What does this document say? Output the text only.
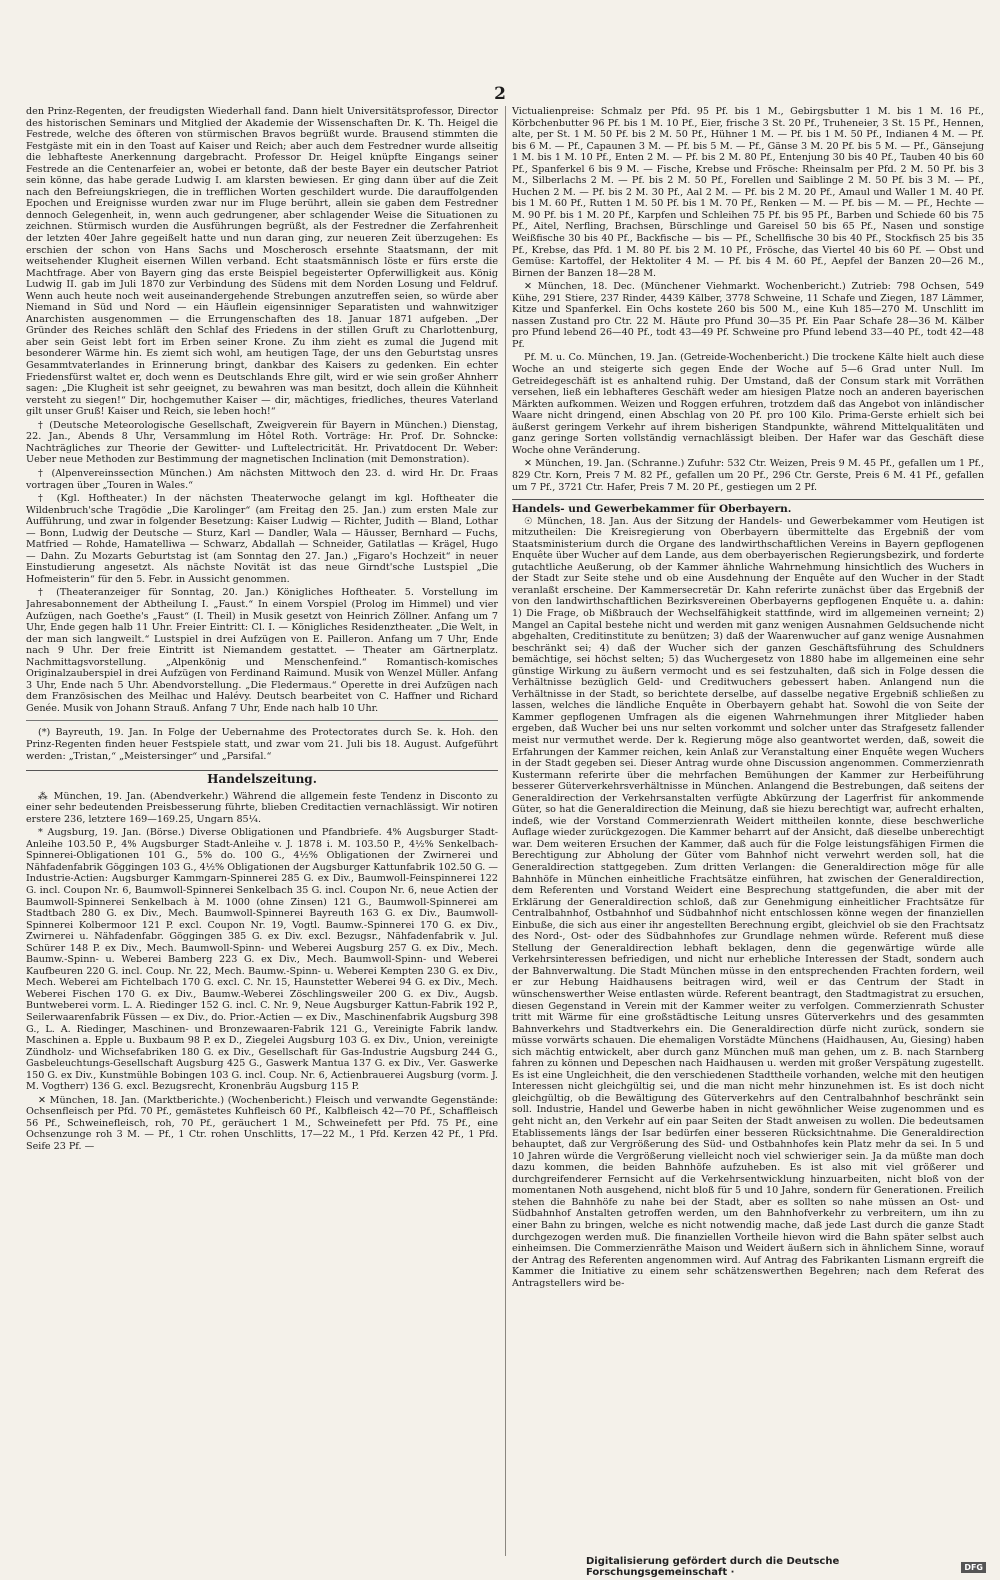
2

den Prinz-Regenten, der freudigsten Wiederhall fand. Dann hielt Universitätsprofessor, Director des historischen Seminars und Mitglied der Akademie der Wissenschaften Dr. K. Th. Heigel die Festrede, welche des öfteren von stürmischen Bravos begrüßt wurde. Brausend stimmten die Festgäste mit ein in den Toast auf Kaiser und Reich; aber auch dem Festredner wurde allseitig die lebhafteste Anerkennung dargebracht. Professor Dr. Heigel knüpfte Eingangs seiner Festrede an die Centenarfeier an, wobei er betonte, daß der beste Bayer ein deutscher Patriot sein könne, das habe gerade Ludwig I. am klarsten bewiesen. Er ging dann über auf die Zeit nach den Befreiungskriegen, die in trefflichen Worten geschildert wurde. Die darauffolgenden Epochen und Ereignisse wurden zwar nur im Fluge berührt, allein sie gaben dem Festredner dennoch Gelegenheit, in, wenn auch gedrungener, aber schlagender Weise die Situationen zu zeichnen. Stürmisch wurden die Ausführungen begrüßt, als der Festredner die Zerfahrenheit der letzten 40er Jahre gegeißelt hatte und nun daran ging, zur neueren Zeit überzugehen: Es erschien der schon von Hans Sachs und Moscherosch ersehnte Staatsmann, der mit weitsehender Klugheit eisernen Willen verband. Echt staatsmännisch löste er fürs erste die Machtfrage. Aber von Bayern ging das erste Beispiel begeisterter Opferwilligkeit aus. König Ludwig II. gab im Juli 1870 zur Verbindung des Südens mit dem Norden Losung und Feldruf. Wenn auch heute noch weit auseinandergehende Strebungen anzutreffen seien, so würde aber Niemand in Süd und Nord — ein Häuflein eigensinniger Separatisten und wahnwitziger Anarchisten ausgenommen — die Errungenschaften des 18. Januar 1871 aufgeben. „Der Gründer des Reiches schläft den Schlaf des Friedens in der stillen Gruft zu Charlottenburg, aber sein Geist lebt fort im Erben seiner Krone. Zu ihm zieht es zumal die Jugend mit besonderer Wärme hin. Es ziemt sich wohl, am heutigen Tage, der uns den Geburtstag unsres Gesammtvaterlandes in Erinnerung bringt, dankbar des Kaisers zu gedenken. Ein echter Friedensfürst waltet er, doch wenn es Deutschlands Ehre gilt, wird er wie sein großer Ahnherr sagen: „Die Klugheit ist sehr geeignet, zu bewahren was man besitzt, doch allein die Kühnheit versteht zu siegen!“ Dir, hochgemuther Kaiser — dir, mächtiges, friedliches, theures Vaterland gilt unser Gruß! Kaiser und Reich, sie leben hoch!“

† (Deutsche Meteorologische Gesellschaft, Zweigverein für Bayern in München.) Dienstag, 22. Jan., Abends 8 Uhr, Versammlung im Hôtel Roth. Vorträge: Hr. Prof. Dr. Sohncke: Nachträgliches zur Theorie der Gewitter- und Luftelectricität. Hr. Privatdocent Dr. Weber: Ueber neue Methoden zur Bestimmung der magnetischen Inclination (mit Demonstration).

† (Alpenvereinssection München.) Am nächsten Mittwoch den 23. d. wird Hr. Dr. Fraas vortragen über „Touren in Wales.“

† (Kgl. Hoftheater.) In der nächsten Theaterwoche gelangt im kgl. Hoftheater die Wildenbruch'sche Tragödie „Die Karolinger“ (am Freitag den 25. Jan.) zum ersten Male zur Aufführung, und zwar in folgender Besetzung: Kaiser Ludwig — Richter, Judith — Bland, Lothar — Bonn, Ludwig der Deutsche — Sturz, Karl — Dandler, Wala — Häusser, Bernhard — Fuchs, Matfried — Rohde, Hamatelliwa — Schwarz, Abdallah — Schneider, Gatilatlas — Krägel, Hugo — Dahn. Zu Mozarts Geburtstag ist (am Sonntag den 27. Jan.) „Figaro's Hochzeit“ in neuer Einstudierung angesetzt. Als nächste Novität ist das neue Girndt'sche Lustspiel „Die Hofmeisterin“ für den 5. Febr. in Aussicht genommen.

† (Theateranzeiger für Sonntag, 20. Jan.) Königliches Hoftheater. 5. Vorstellung im Jahresabonnement der Abtheilung I. „Faust.“ In einem Vorspiel (Prolog im Himmel) und vier Aufzügen, nach Goethe's „Faust“ (I. Theil) in Musik gesetzt von Heinrich Zöllner. Anfang um 7 Uhr, Ende gegen halb 11 Uhr. Freier Eintritt: Cl. I. — Königliches Residenztheater. „Die Welt, in der man sich langweilt.“ Lustspiel in drei Aufzügen von E. Pailleron. Anfang um 7 Uhr, Ende nach 9 Uhr. Der freie Eintritt ist Niemandem gestattet. — Theater am Gärtnerplatz. Nachmittagsvorstellung. „Alpenkönig und Menschenfeind.“ Romantisch-komisches Originalzauberspiel in drei Aufzügen von Ferdinand Raimund. Musik von Wenzel Müller. Anfang 3 Uhr, Ende nach 5 Uhr. Abendvorstellung. „Die Fledermaus.“ Operette in drei Aufzügen nach dem Französischen des Meilhac und Halévy. Deutsch bearbeitet von C. Haffner und Richard Genée. Musik von Johann Strauß. Anfang 7 Uhr, Ende nach halb 10 Uhr.

(*) Bayreuth, 19. Jan. In Folge der Uebernahme des Protectorates durch Se. k. Hoh. den Prinz-Regenten finden heuer Festspiele statt, und zwar vom 21. Juli bis 18. August. Aufgeführt werden: „Tristan,“ „Meistersinger“ und „Parsifal.“

Handelszeitung.

⁂ München, 19. Jan. (Abendverkehr.) Während die allgemein feste Tendenz in Disconto zu einer sehr bedeutenden Preisbesserung führte, blieben Creditactien vernachlässigt. Wir notiren erstere 236, letztere 169—169.25, Ungarn 85¼.

* Augsburg, 19. Jan. (Börse.) Diverse Obligationen und Pfandbriefe. 4% Augsburger Stadt-Anleihe 103.50 P., 4% Augsburger Stadt-Anleihe v. J. 1878 i. M. 103.50 P., 4½% Senkelbach-Spinnerei-Obligationen 101 G., 5% do. 100 G., 4½% Obligationen der Zwirnerei und Nähfadenfabrik Göggingen 103 G., 4½% Obligationen der Augsburger Kattunfabrik 102.50 G. — Industrie-Actien: Augsburger Kammgarn-Spinnerei 285 G. ex Div., Baumwoll-Feinspinnerei 122 G. incl. Coupon Nr. 6, Baumwoll-Spinnerei Senkelbach 35 G. incl. Coupon Nr. 6, neue Actien der Baumwoll-Spinnerei Senkelbach à M. 1000 (ohne Zinsen) 121 G., Baumwoll-Spinnerei am Stadtbach 280 G. ex Div., Mech. Baumwoll-Spinnerei Bayreuth 163 G. ex Div., Baumwoll-Spinnerei Kolbermoor 121 P. excl. Coupon Nr. 19, Vogtl. Baumw.-Spinnerei 170 G. ex Div., Zwirnerei u. Nähfadenfabr. Göggingen 385 G. ex Div. excl. Bezugsr., Nähfadenfabrik v. Jul. Schürer 148 P. ex Div., Mech. Baumwoll-Spinn- und Weberei Augsburg 257 G. ex Div., Mech. Baumw.-Spinn- u. Weberei Bamberg 223 G. ex Div., Mech. Baumwoll-Spinn- und Weberei Kaufbeuren 220 G. incl. Coup. Nr. 22, Mech. Baumw.-Spinn- u. Weberei Kempten 230 G. ex Div., Mech. Weberei am Fichtelbach 170 G. excl. C. Nr. 15, Haunstetter Weberei 94 G. ex Div., Mech. Weberei Fischen 170 G. ex Div., Baumw.-Weberei Zöschlingsweiler 200 G. ex Div., Augsb. Buntweberei vorm. L. A. Riedinger 152 G. incl. C. Nr. 9, Neue Augsburger Kattun-Fabrik 192 P., Seilerwaarenfabrik Füssen — ex Div., do. Prior.-Actien — ex Div., Maschinenfabrik Augsburg 398 G., L. A. Riedinger, Maschinen- und Bronzewaaren-Fabrik 121 G., Vereinigte Fabrik landw. Maschinen a. Epple u. Buxbaum 98 P. ex D., Ziegelei Augsburg 103 G. ex Div., Union, vereinigte Zündholz- und Wichsefabriken 180 G. ex Div., Gesellschaft für Gas-Industrie Augsburg 244 G., Gasbeleuchtungs-Gesellschaft Augsburg 425 G., Gaswerk Mantua 137 G. ex Div., Ver. Gaswerke 150 G. ex Div., Kunstmühle Bobingen 103 G. incl. Coup. Nr. 6, Actienbrauerei Augsburg (vorm. J. M. Vogtherr) 136 G. excl. Bezugsrecht, Kronenbräu Augsburg 115 P.

✕ München, 18. Jan. (Marktberichte.) (Wochenbericht.) Fleisch und verwandte Gegenstände: Ochsenfleisch per Pfd. 70 Pf., gemästetes Kuhfleisch 60 Pf., Kalbfleisch 42—70 Pf., Schaffleisch 56 Pf., Schweinefleisch, roh, 70 Pf., geräuchert 1 M., Schweinefett per Pfd. 75 Pf., eine Ochsenzunge roh 3 M. — Pf., 1 Ctr. rohen Unschlitts, 17—22 M., 1 Pfd. Kerzen 42 Pf., 1 Pfd. Seife 23 Pf. —

Victualienpreise: Schmalz per Pfd. 95 Pf. bis 1 M., Gebirgsbutter 1 M. bis 1 M. 16 Pf., Körbchenbutter 96 Pf. bis 1 M. 10 Pf., Eier, frische 3 St. 20 Pf., Truheneier, 3 St. 15 Pf., Hennen, alte, per St. 1 M. 50 Pf. bis 2 M. 50 Pf., Hühner 1 M. — Pf. bis 1 M. 50 Pf., Indianen 4 M. — Pf. bis 6 M. — Pf., Capaunen 3 M. — Pf. bis 5 M. — Pf., Gänse 3 M. 20 Pf. bis 5 M. — Pf., Gänsejung 1 M. bis 1 M. 10 Pf., Enten 2 M. — Pf. bis 2 M. 80 Pf., Entenjung 30 bis 40 Pf., Tauben 40 bis 60 Pf., Spanferkel 6 bis 9 M. — Fische, Krebse und Frösche: Rheinsalm per Pfd. 2 M. 50 Pf. bis 3 M., Silberlachs 2 M. — Pf. bis 2 M. 50 Pf., Forellen und Saiblinge 2 M. 50 Pf. bis 3 M. — Pf., Huchen 2 M. — Pf. bis 2 M. 30 Pf., Aal 2 M. — Pf. bis 2 M. 20 Pf., Amaul und Waller 1 M. 40 Pf. bis 1 M. 60 Pf., Rutten 1 M. 50 Pf. bis 1 M. 70 Pf., Renken — M. — Pf. bis — M. — Pf., Hechte — M. 90 Pf. bis 1 M. 20 Pf., Karpfen und Schleihen 75 Pf. bis 95 Pf., Barben und Schiede 60 bis 75 Pf., Aitel, Nerfling, Brachsen, Bürschlinge und Gareisel 50 bis 65 Pf., Nasen und sonstige Weißfische 30 bis 40 Pf., Backfische — bis — Pf., Schellfische 30 bis 40 Pf., Stockfisch 25 bis 35 Pf., Krebse, das Pfd. 1 M. 80 Pf. bis 2 M. 10 Pf., Frösche, das Viertel 40 bis 60 Pf. — Obst und Gemüse: Kartoffel, der Hektoliter 4 M. — Pf. bis 4 M. 60 Pf., Aepfel der Banzen 20—26 M., Birnen der Banzen 18—28 M.

✕ München, 18. Dec. (Münchener Viehmarkt. Wochenbericht.) Zutrieb: 798 Ochsen, 549 Kühe, 291 Stiere, 237 Rinder, 4439 Kälber, 3778 Schweine, 11 Schafe und Ziegen, 187 Lämmer, Kitze und Spanferkel. Ein Ochs kostete 260 bis 500 M., eine Kuh 185—270 M. Unschlitt im nassen Zustand pro Ctr. 22 M. Häute pro Pfund 30—35 Pf. Ein Paar Schafe 28—36 M. Kälber pro Pfund lebend 26—40 Pf., todt 43—49 Pf. Schweine pro Pfund lebend 33—40 Pf., todt 42—48 Pf.

Pf. M. u. Co. München, 19. Jan. (Getreide-Wochenbericht.) Die trockene Kälte hielt auch diese Woche an und steigerte sich gegen Ende der Woche auf 5—6 Grad unter Null. Im Getreidegeschäft ist es anhaltend ruhig. Der Umstand, daß der Consum stark mit Vorräthen versehen, ließ ein lebhafteres Geschäft weder am hiesigen Platze noch an anderen bayerischen Märkten aufkommen. Weizen und Roggen erfuhren, trotzdem daß das Angebot von inländischer Waare nicht dringend, einen Abschlag von 20 Pf. pro 100 Kilo. Prima-Gerste erhielt sich bei äußerst geringem Verkehr auf ihrem bisherigen Standpunkte, während Mittelqualitäten und ganz geringe Sorten vollständig vernachlässigt bleiben. Der Hafer war das Geschäft diese Woche ohne Veränderung.

✕ München, 19. Jan. (Schranne.) Zufuhr: 532 Ctr. Weizen, Preis 9 M. 45 Pf., gefallen um 1 Pf., 829 Ctr. Korn, Preis 7 M. 82 Pf., gefallen um 20 Pf., 296 Ctr. Gerste, Preis 6 M. 41 Pf., gefallen um 7 Pf., 3721 Ctr. Hafer, Preis 7 M. 20 Pf., gestiegen um 2 Pf.

Handels- und Gewerbekammer für Oberbayern.

☉ München, 18. Jan. Aus der Sitzung der Handels- und Gewerbekammer vom Heutigen ist mitzutheilen: Die Kreisregierung von Oberbayern übermittelte das Ergebniß der vom Staatsministerium durch die Organe des landwirthschaftlichen Vereins in Bayern gepflogenen Enquête über Wucher auf dem Lande, aus dem oberbayerischen Regierungsbezirk, und forderte gutachtliche Aeußerung, ob der Kammer ähnliche Wahrnehmung hinsichtlich des Wuchers in der Stadt zur Seite stehe und ob eine Ausdehnung der Enquête auf den Wucher in der Stadt veranlaßt erscheine. Der Kammersecretär Dr. Kahn referirte zunächst über das Ergebniß der von den landwirthschaftlichen Bezirksvereinen Oberbayerns gepflogenen Enquête u. a. dahin: 1) Die Frage, ob Mißbrauch der Wechselfähigkeit stattfinde, wird im allgemeinen verneint; 2) Mangel an Capital bestehe nicht und werden mit ganz wenigen Ausnahmen Geldsuchende nicht abgehalten, Creditinstitute zu benützen; 3) daß der Waarenwucher auf ganz wenige Ausnahmen beschränkt sei; 4) daß der Wucher sich der ganzen Geschäftsführung des Schuldners bemächtige, sei höchst selten; 5) das Wuchergesetz von 1880 habe im allgemeinen eine sehr günstige Wirkung zu äußern vermocht und es sei festzuhalten, daß sich in Folge dessen die Verhältnisse bezüglich Geld- und Creditwuchers gebessert haben. Anlangend nun die Verhältnisse in der Stadt, so berichtete derselbe, auf dasselbe negative Ergebniß schließen zu lassen, welches die ländliche Enquête in Oberbayern gehabt hat. Sowohl die von Seite der Kammer gepflogenen Umfragen als die eigenen Wahrnehmungen ihrer Mitglieder haben ergeben, daß Wucher bei uns nur selten vorkommt und solcher unter das Strafgesetz fallender meist nur vermuthet werde. Der k. Regierung möge also geantwortet werden, daß, soweit die Erfahrungen der Kammer reichen, kein Anlaß zur Veranstaltung einer Enquête wegen Wuchers in der Stadt gegeben sei. Dieser Antrag wurde ohne Discussion angenommen. Commerzienrath Kustermann referirte über die mehrfachen Bemühungen der Kammer zur Herbeiführung besserer Güterverkehrsverhältnisse in München. Anlangend die Bestrebungen, daß seitens der Generaldirection der Verkehrsanstalten verfügte Abkürzung der Lagerfrist für ankommende Güter, so hat die Generaldirection die Meinung, daß sie hiezu berechtigt war, aufrecht erhalten, indeß, wie der Vorstand Commerzienrath Weidert mittheilen konnte, diese beschwerliche Auflage wieder zurückgezogen. Die Kammer beharrt auf der Ansicht, daß dieselbe unberechtigt war. Dem weiteren Ersuchen der Kammer, daß auch für die Folge leistungsfähigen Firmen die Berechtigung zur Abholung der Güter vom Bahnhof nicht verwehrt werden soll, hat die Generaldirection stattgegeben. Zum dritten Verlangen: die Generaldirection möge für alle Bahnhöfe in München einheitliche Frachtsätze einführen, hat zwischen der Generaldirection, dem Referenten und Vorstand Weidert eine Besprechung stattgefunden, die aber mit der Erklärung der Generaldirection schloß, daß zur Genehmigung einheitlicher Frachtsätze für Centralbahnhof, Ostbahnhof und Südbahnhof nicht entschlossen könne wegen der finanziellen Einbuße, die sich aus einer ihr angestellten Berechnung ergibt, gleichviel ob sie den Frachtsatz des Nord-, Ost- oder des Südbahnhofes zur Grundlage nehmen würde. Referent muß diese Stellung der Generaldirection lebhaft beklagen, denn die gegenwärtige würde alle Verkehrsinteressen befriedigen, und nicht nur erhebliche Interessen der Stadt, sondern auch der Bahnverwaltung. Die Stadt München müsse in den entsprechenden Frachten fordern, weil er zur Hebung Haidhausens beitragen wird, weil er das Centrum der Stadt in wünschenswerther Weise entlasten würde. Referent beantragt, den Stadtmagistrat zu ersuchen, diesen Gegenstand in Verein mit der Kammer weiter zu verfolgen. Commerzienrath Schuster tritt mit Wärme für eine großstädtische Leitung unsres Güterverkehrs und des gesammten Bahnverkehrs und Stadtverkehrs ein. Die Generaldirection dürfe nicht zurück, sondern sie müsse vorwärts schauen. Die ehemaligen Vorstädte Münchens (Haidhausen, Au, Giesing) haben sich mächtig entwickelt, aber durch ganz München muß man gehen, um z. B. nach Starnberg fahren zu können und Depeschen nach Haidhausen u. werden mit großer Verspätung zugestellt. Es ist eine Ungleichheit, die den verschiedenen Stadttheile vorhanden, welche mit den heutigen Interessen nicht gleichgültig sei, und die man nicht mehr hinzunehmen ist. Es ist doch nicht gleichgültig, ob die Bewältigung des Güterverkehrs auf den Centralbahnhof beschränkt sein soll. Industrie, Handel und Gewerbe haben in nicht gewöhnlicher Weise zugenommen und es geht nicht an, den Verkehr auf ein paar Seiten der Stadt anweisen zu wollen. Die bedeutsamen Etablissements längs der Isar bedürfen einer besseren Rücksichtnahme. Die Generaldirection behauptet, daß zur Vergrößerung des Süd- und Ostbahnhofes kein Platz mehr da sei. In 5 und 10 Jahren würde die Vergrößerung vielleicht noch viel schwieriger sein. Ja da müßte man doch dazu kommen, die beiden Bahnhöfe aufzuheben. Es ist also mit viel größerer und durchgreifenderer Fernsicht auf die Verkehrsentwicklung hinzuarbeiten, nicht bloß von der momentanen Noth ausgehend, nicht bloß für 5 und 10 Jahre, sondern für Generationen. Freilich stehen die Bahnhöfe zu nahe bei der Stadt, aber es sollten so nahe müssen an Ost- und Südbahnhof Anstalten getroffen werden, um den Bahnhofverkehr zu verbreitern, um ihn zu einer Bahn zu bringen, welche es nicht notwendig mache, daß jede Last durch die ganze Stadt durchgezogen werden muß. Die finanziellen Vortheile hievon wird die Bahn später selbst auch einheimsen. Die Commerzienräthe Maison und Weidert äußern sich in ähnlichem Sinne, worauf der Antrag des Referenten angenommen wird. Auf Antrag des Fabrikanten Lismann ergreift die Kammer die Initiative zu einem sehr schätzenswerthen Begehren; nach dem Referat des Antragstellers wird be-

Digitalisierung gefördert durch die Deutsche Forschungsgemeinschaft ·	DFG
